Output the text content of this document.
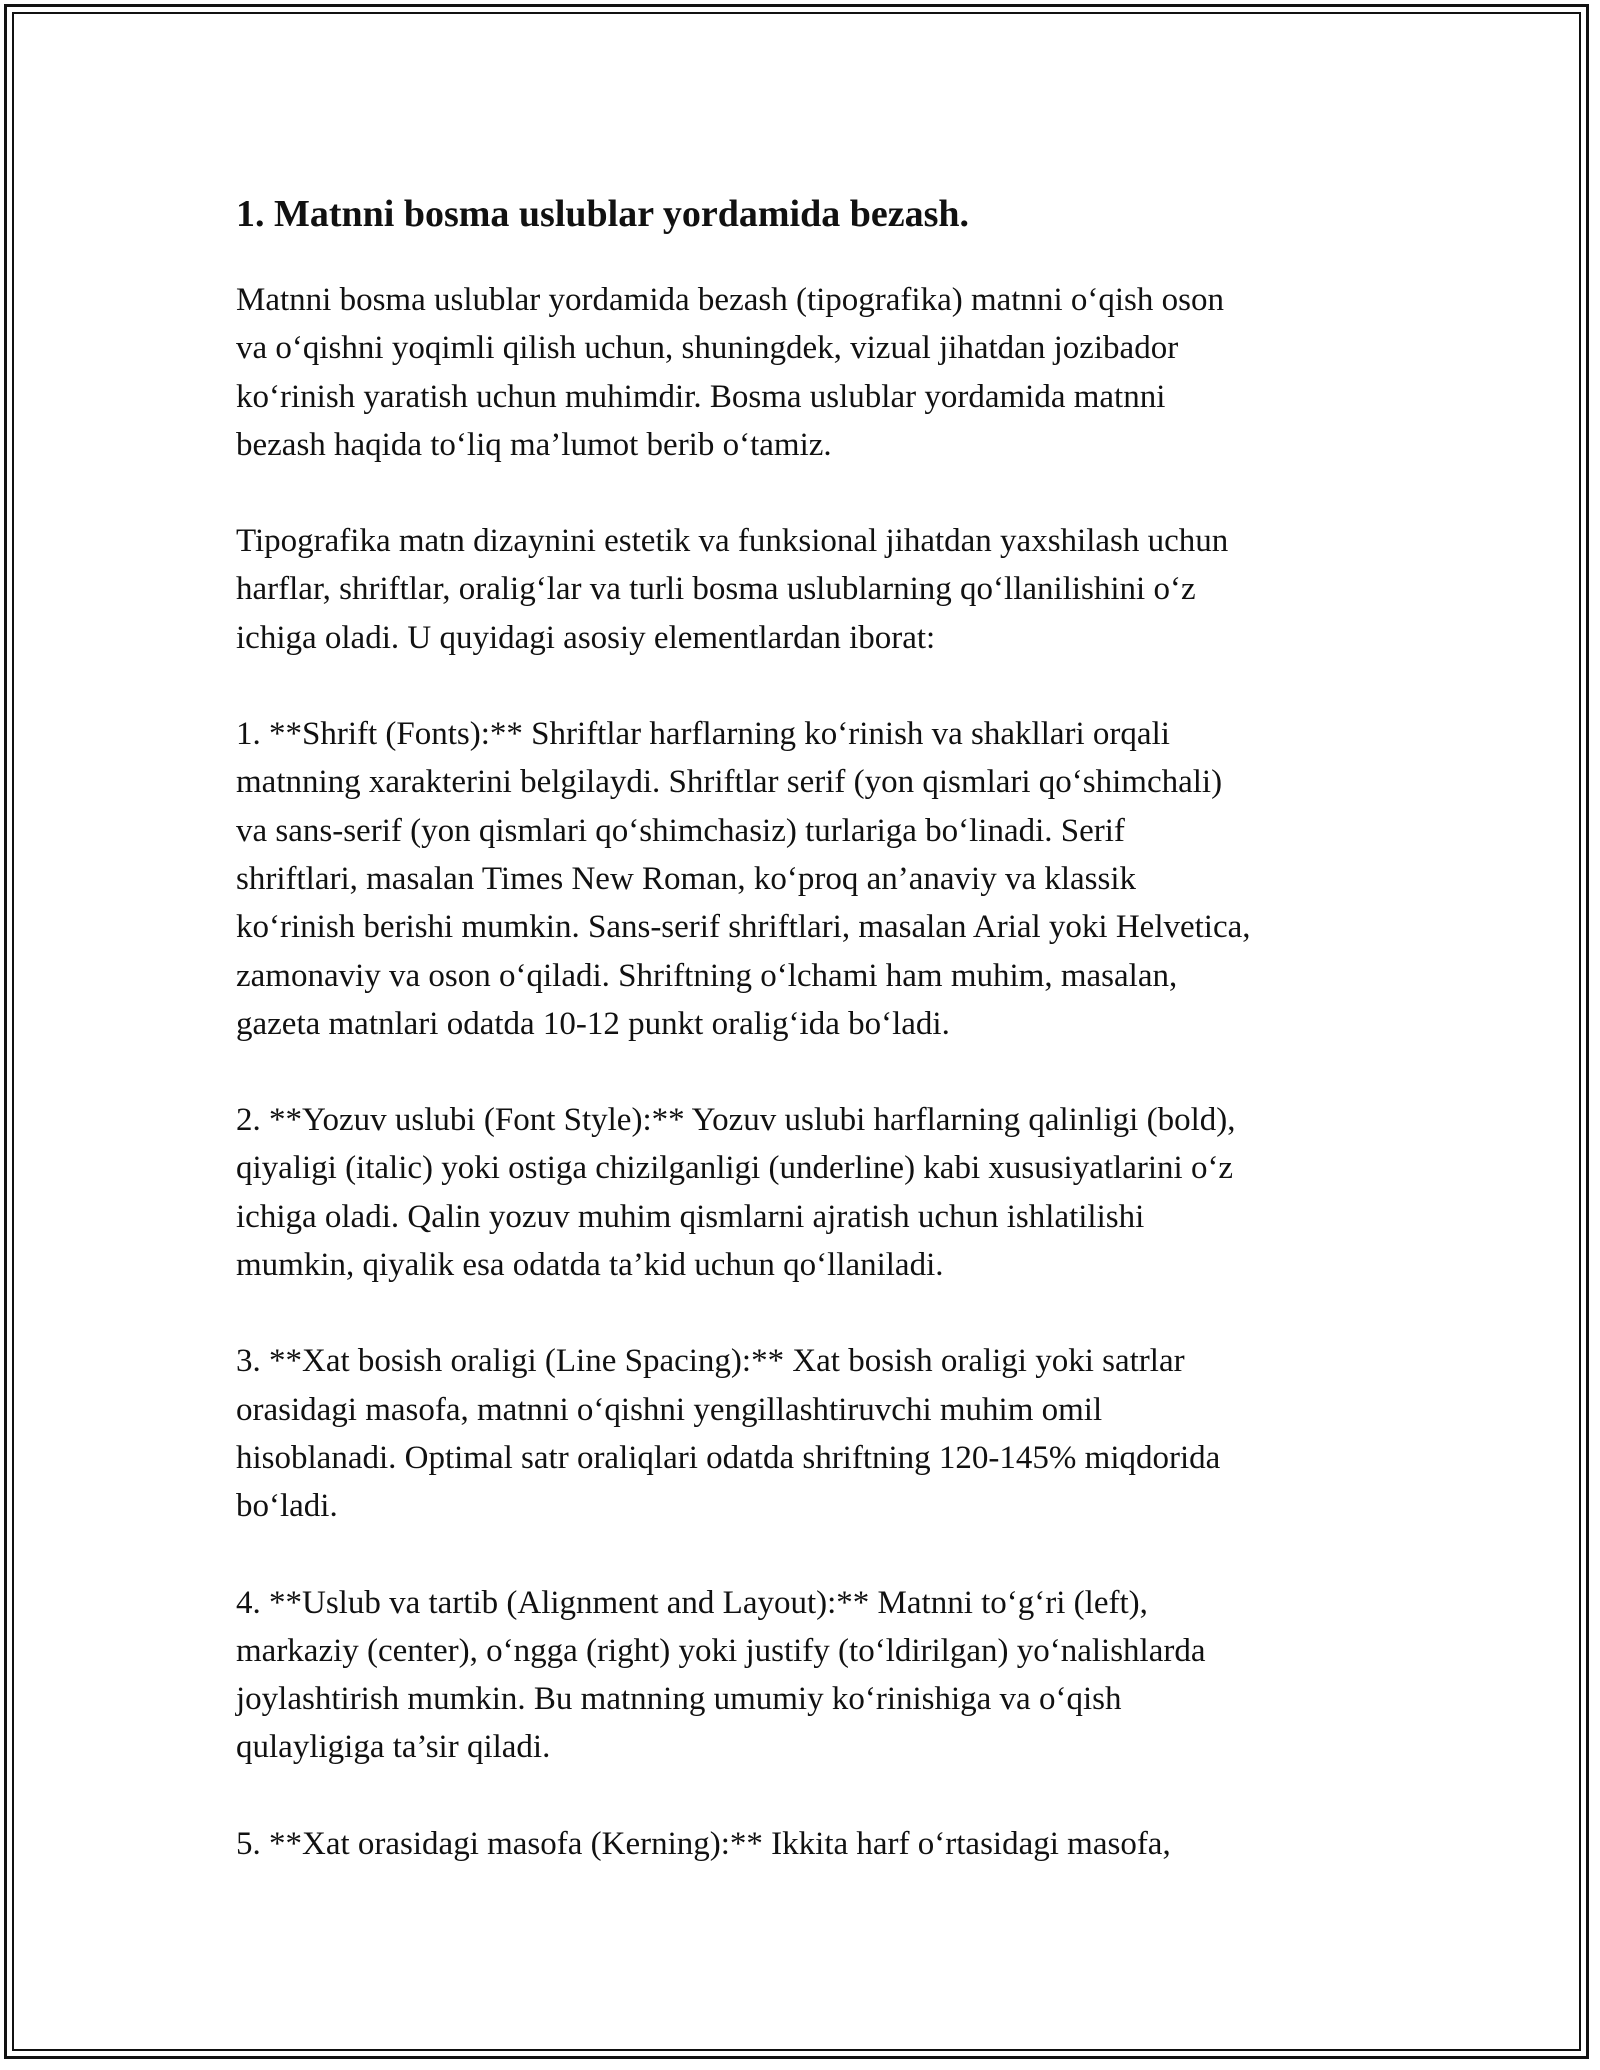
1. Matnni bosma uslublar yordamida bezash.

Matnni bosma uslublar yordamida bezash (tipografika) matnni o‘qish oson
va o‘qishni yoqimli qilish uchun, shuningdek, vizual jihatdan jozibador
ko‘rinish yaratish uchun muhimdir. Bosma uslublar yordamida matnni
bezash haqida to‘liq ma’lumot berib o‘tamiz.

Tipografika matn dizaynini estetik va funksional jihatdan yaxshilash uchun
harflar, shriftlar, oralig‘lar va turli bosma uslublarning qo‘llanilishini o‘z
ichiga oladi. U quyidagi asosiy elementlardan iborat:

1. **Shrift (Fonts):** Shriftlar harflarning ko‘rinish va shakllari orqali
matnning xarakterini belgilaydi. Shriftlar serif (yon qismlari qo‘shimchali)
va sans-serif (yon qismlari qo‘shimchasiz) turlariga bo‘linadi. Serif
shriftlari, masalan Times New Roman, ko‘proq an’anaviy va klassik
ko‘rinish berishi mumkin. Sans-serif shriftlari, masalan Arial yoki Helvetica,
zamonaviy va oson o‘qiladi. Shriftning o‘lchami ham muhim, masalan,
gazeta matnlari odatda 10-12 punkt oralig‘ida bo‘ladi.

2. **Yozuv uslubi (Font Style):** Yozuv uslubi harflarning qalinligi (bold),
qiyaligi (italic) yoki ostiga chizilganligi (underline) kabi xususiyatlarini o‘z
ichiga oladi. Qalin yozuv muhim qismlarni ajratish uchun ishlatilishi
mumkin, qiyalik esa odatda ta’kid uchun qo‘llaniladi.

3. **Xat bosish oraligi (Line Spacing):** Xat bosish oraligi yoki satrlar
orasidagi masofa, matnni o‘qishni yengillashtiruvchi muhim omil
hisoblanadi. Optimal satr oraliqlari odatda shriftning 120-145% miqdorida
bo‘ladi.

4. **Uslub va tartib (Alignment and Layout):** Matnni to‘g‘ri (left),
markaziy (center), o‘ngga (right) yoki justify (to‘ldirilgan) yo‘nalishlarda
joylashtirish mumkin. Bu matnning umumiy ko‘rinishiga va o‘qish
qulayligiga ta’sir qiladi.

5. **Xat orasidagi masofa (Kerning):** Ikkita harf o‘rtasidagi masofa,
